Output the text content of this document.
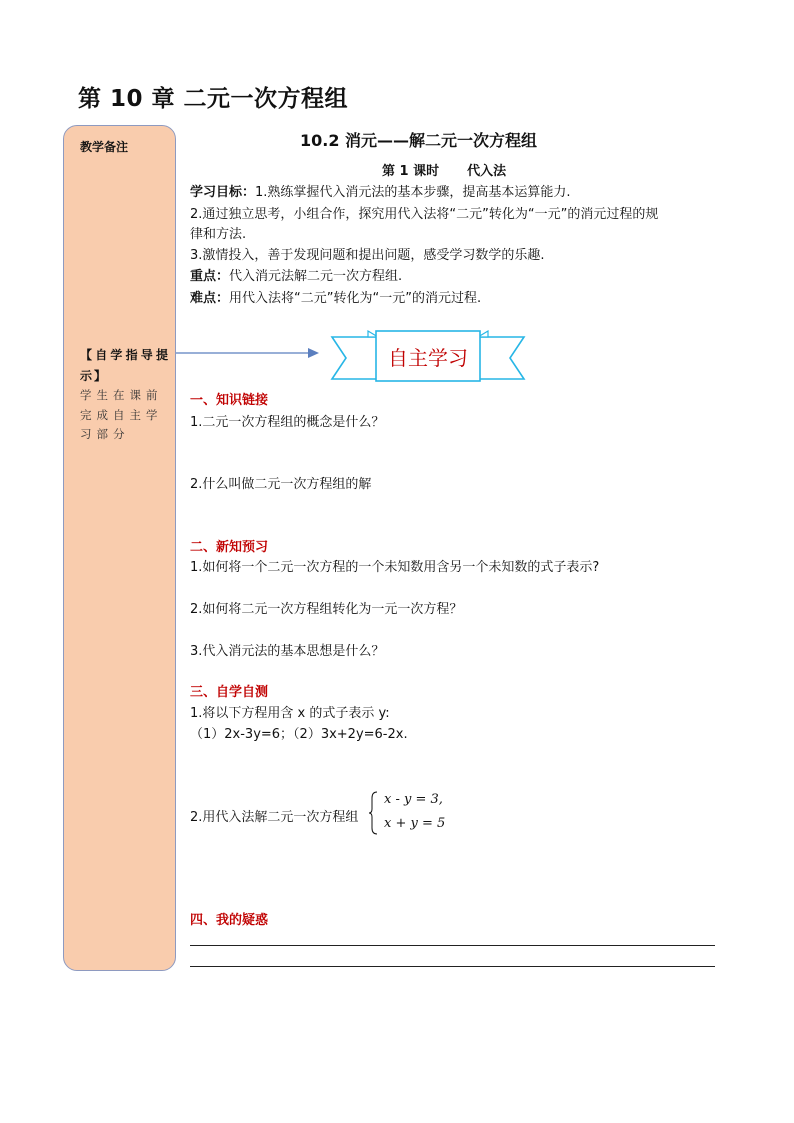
第 10 章 二元一次方程组
教学备注
【自学指导提示】
学生在课前完成自主学习部分
10.2 消元——解二元一次方程组
第 1 课时 代入法
学习目标：1.熟练掌握代入消元法的基本步骤，提高基本运算能力.
2.通过独立思考，小组合作，探究用代入法将“二元”转化为“一元”的消元过程的规
律和方法.
3.激情投入，善于发现问题和提出问题，感受学习数学的乐趣.
重点：代入消元法解二元一次方程组.
难点：用代入法将“二元”转化为“一元”的消元过程.
自主学习
一、知识链接
1.二元一次方程组的概念是什么？
2.什么叫做二元一次方程组的解
二、新知预习
1.如何将一个二元一次方程的一个未知数用含另一个未知数的式子表示?
2.如何将二元一次方程组转化为一元一次方程？
3.代入消元法的基本思想是什么？
三、自学自测
1.将以下方程用含 x 的式子表示 y:
（1）2x-3y=6；（2）3x+2y=6-2x.
2.用代入法解二元一次方程组
x - y = 3,
x + y = 5
四、我的疑惑
